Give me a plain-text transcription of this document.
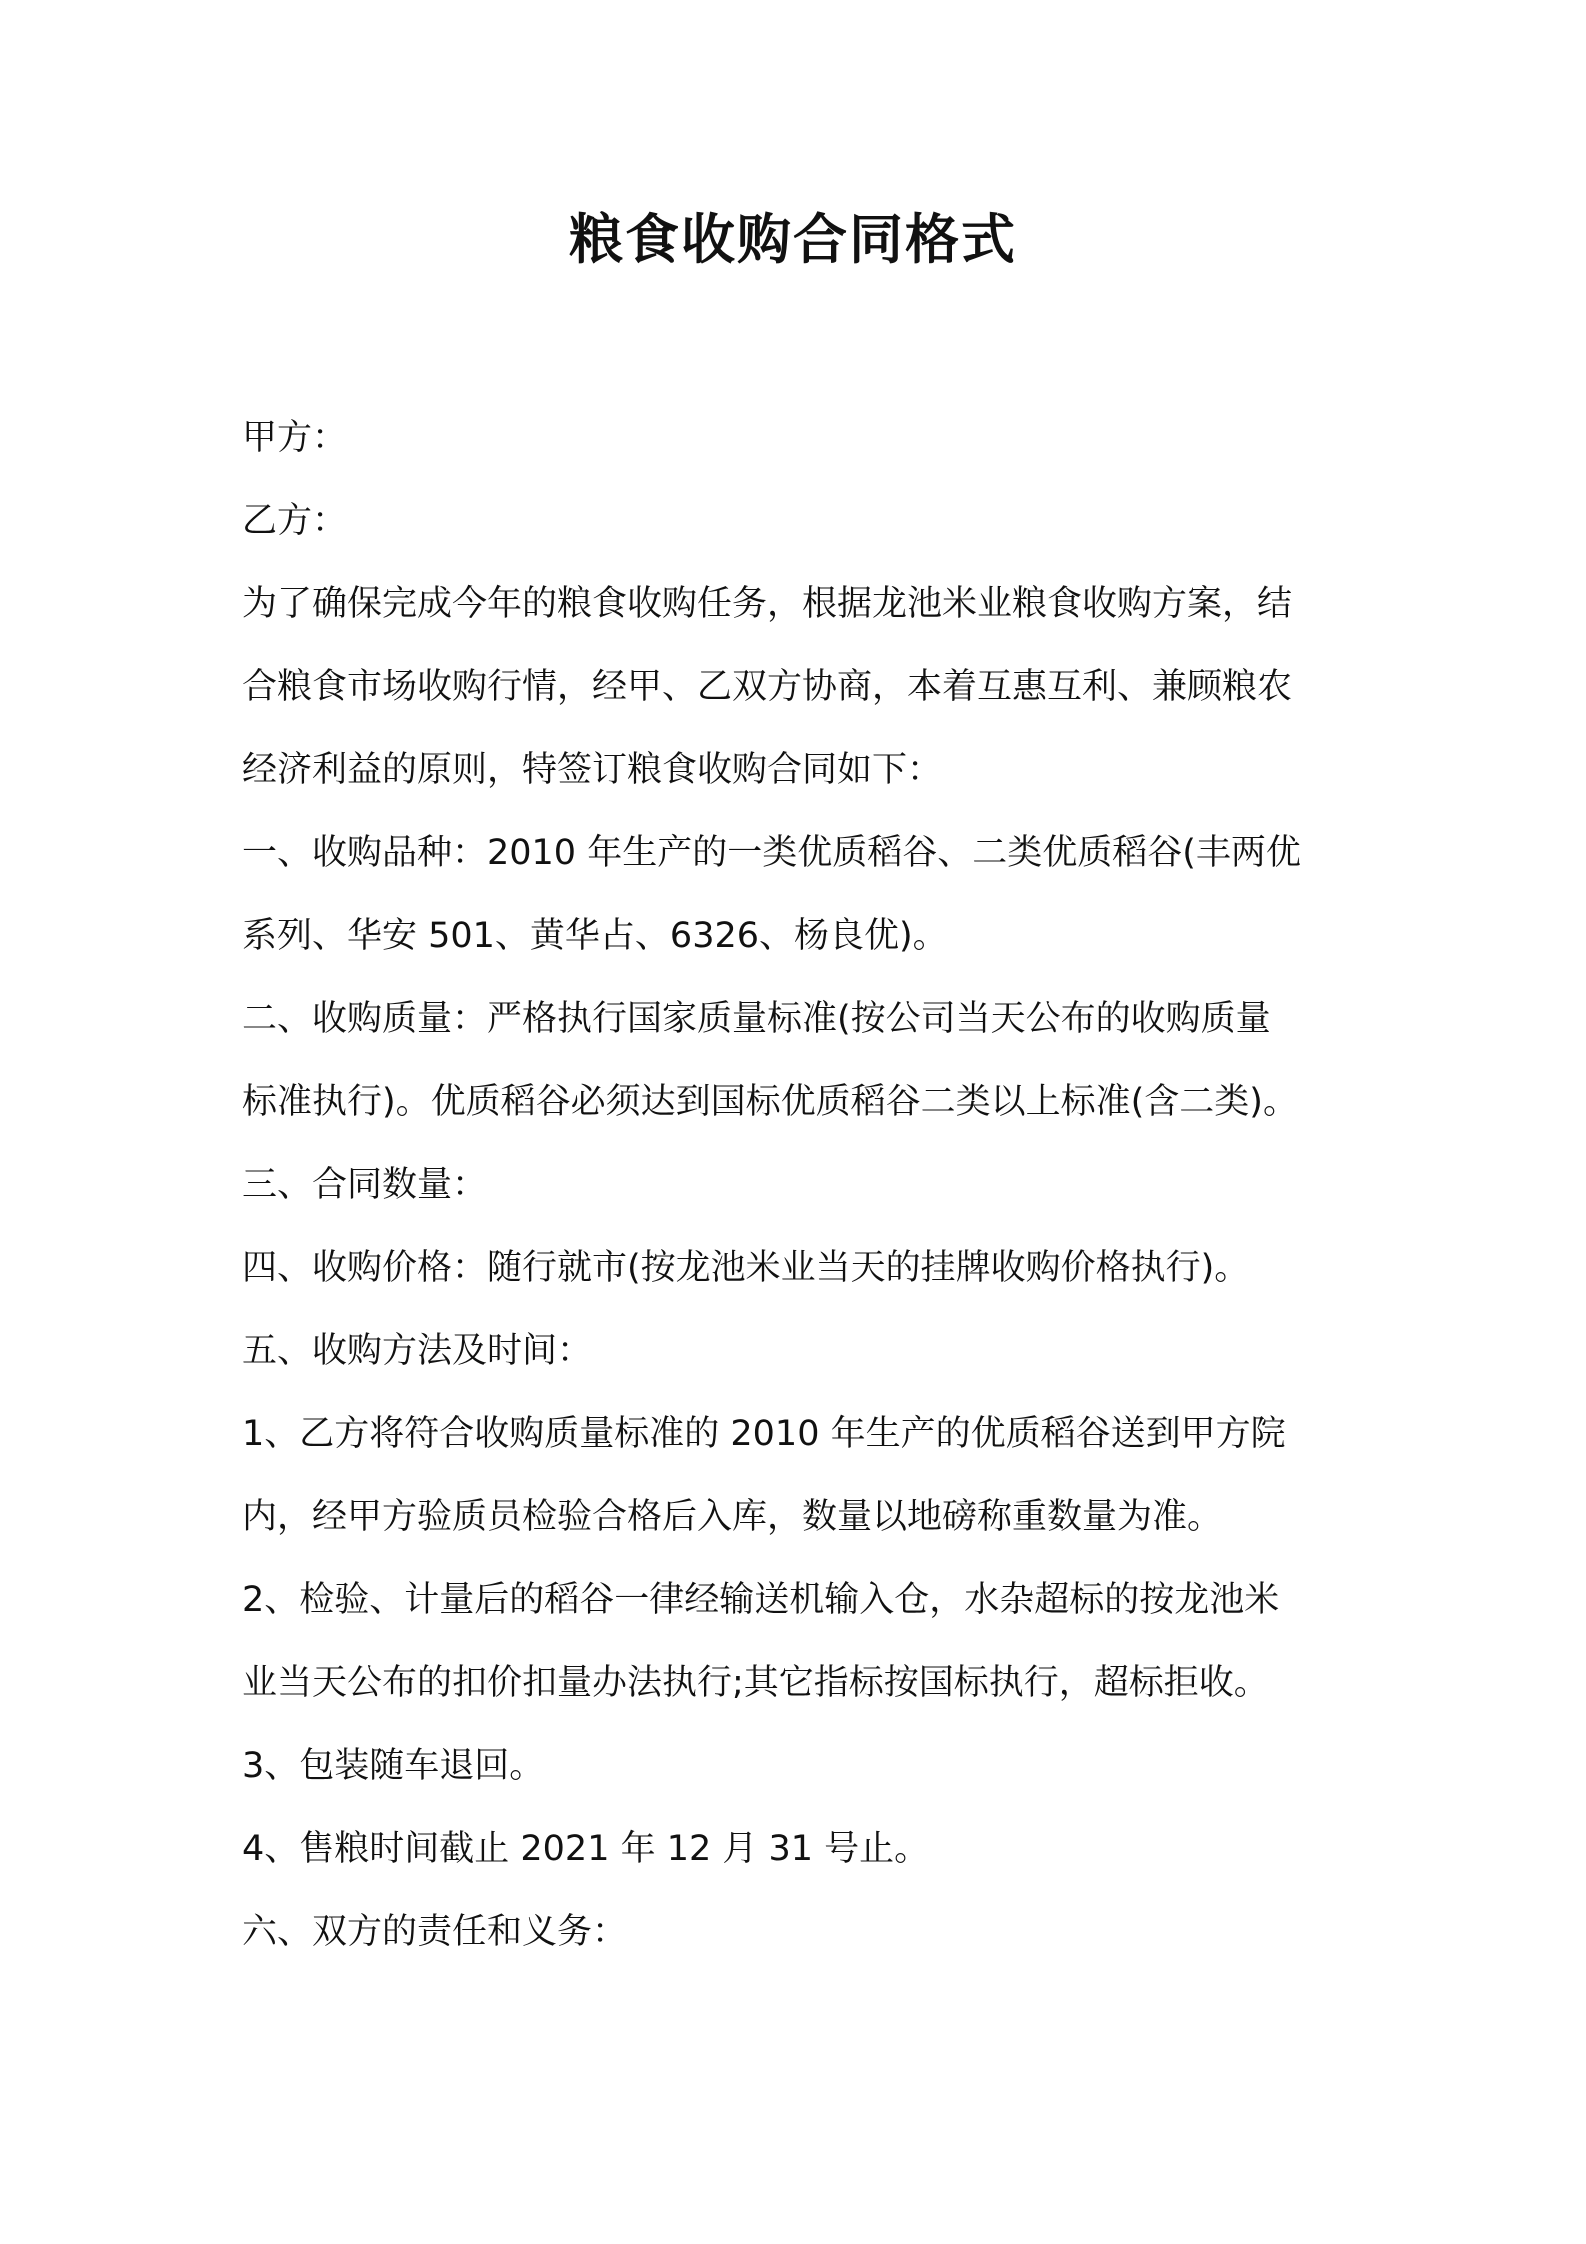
粮食收购合同格式
甲方：
乙方：
为了确保完成今年的粮食收购任务，根据龙池米业粮食收购方案，结
合粮食市场收购行情，经甲、乙双方协商，本着互惠互利、兼顾粮农
经济利益的原则，特签订粮食收购合同如下：
一、收购品种：2010 年生产的一类优质稻谷、二类优质稻谷(丰两优
系列、华安 501、黄华占、6326、杨良优)。
二、收购质量：严格执行国家质量标准(按公司当天公布的收购质量
标准执行)。优质稻谷必须达到国标优质稻谷二类以上标准(含二类)。
三、合同数量：
四、收购价格：随行就市(按龙池米业当天的挂牌收购价格执行)。
五、收购方法及时间：
1、乙方将符合收购质量标准的 2010 年生产的优质稻谷送到甲方院
内，经甲方验质员检验合格后入库，数量以地磅称重数量为准。
2、检验、计量后的稻谷一律经输送机输入仓，水杂超标的按龙池米
业当天公布的扣价扣量办法执行;其它指标按国标执行，超标拒收。
3、包装随车退回。
4、售粮时间截止 2021 年 12 月 31 号止。
六、双方的责任和义务：
